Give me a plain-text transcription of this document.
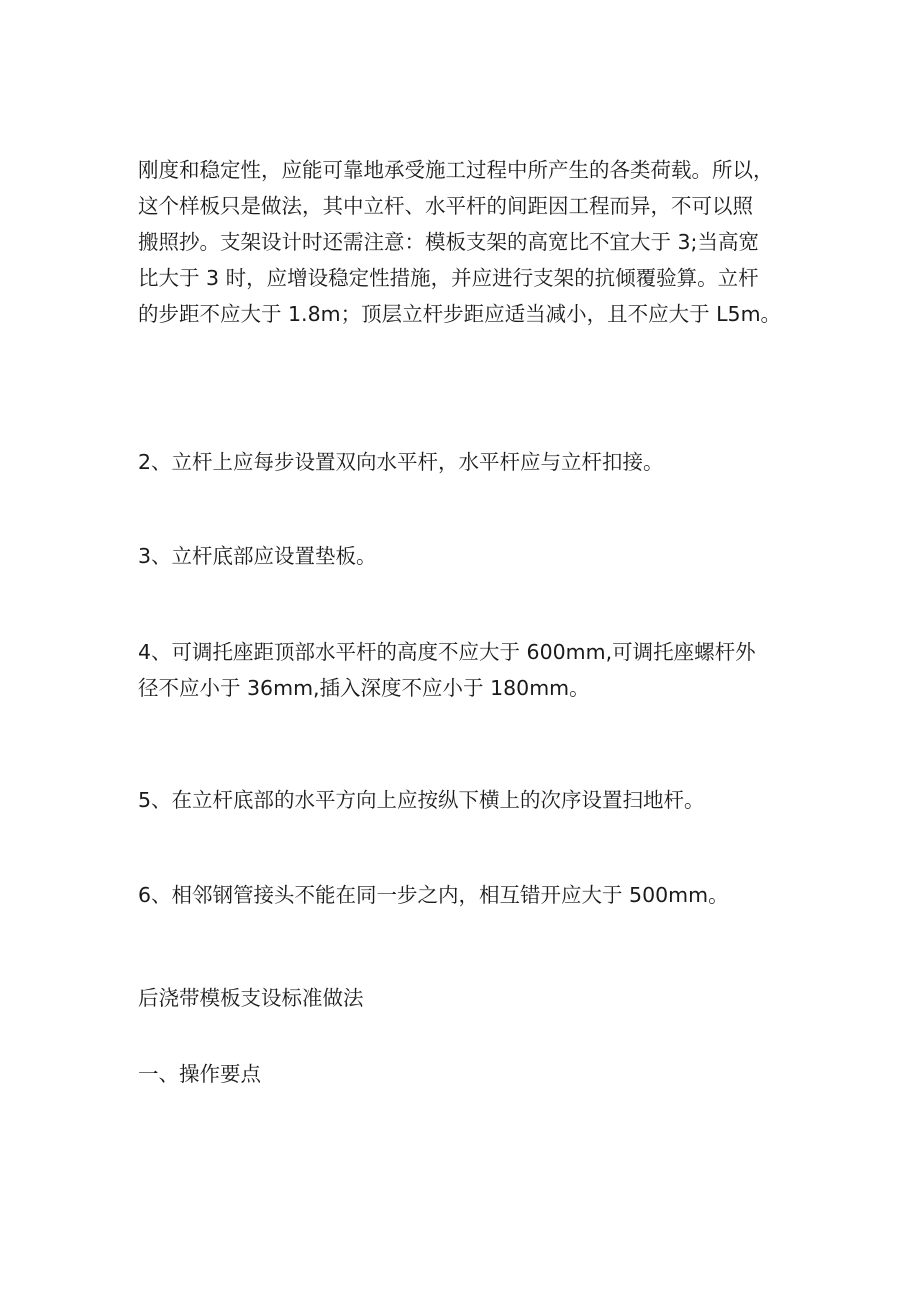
刚度和稳定性，应能可靠地承受施工过程中所产生的各类荷载。所以，
这个样板只是做法，其中立杆、水平杆的间距因工程而异，不可以照
搬照抄。支架设计时还需注意：模板支架的高宽比不宜大于 3;当高宽
比大于 3 时，应增设稳定性措施，并应进行支架的抗倾覆验算。立杆
的步距不应大于 1.8m；顶层立杆步距应适当减小，且不应大于 L5m。
2、立杆上应每步设置双向水平杆，水平杆应与立杆扣接。
3、立杆底部应设置垫板。
4、可调托座距顶部水平杆的高度不应大于 600mm,可调托座螺杆外
径不应小于 36mm,插入深度不应小于 180mm。
5、在立杆底部的水平方向上应按纵下横上的次序设置扫地杆。
6、相邻钢管接头不能在同一步之内，相互错开应大于 500mm。
后浇带模板支设标准做法
一、操作要点
